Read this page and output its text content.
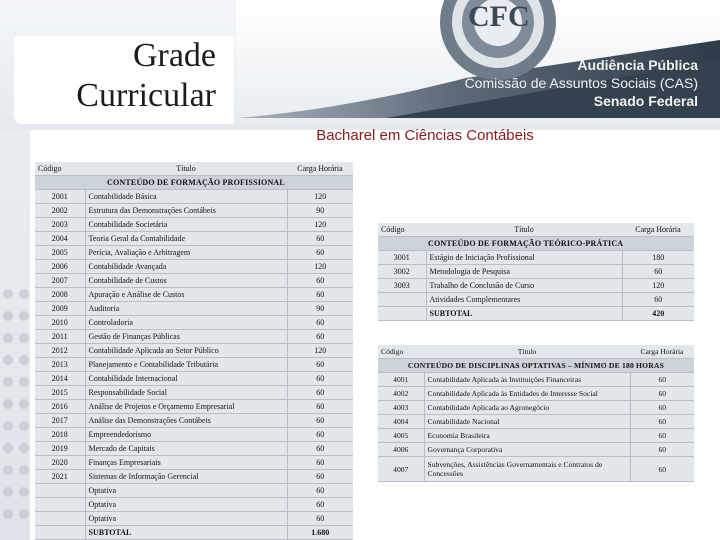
Grade
Curricular
CFC
Audiência Pública
Comissão de Assuntos Sociais (CAS)
Senado Federal
Bacharel em Ciências Contábeis
Código	Título	Carga Horária
	CONTEÚDO DE FORMAÇÃO PROFISSIONAL	
2001	Contabilidade Básica	120
2002	Estrutura das Demonstrações Contábeis	90
2003	Contabilidade Societária	120
2004	Teoria Geral da Contabilidade	60
2005	Perícia, Avaliação e Arbitragem	60
2006	Contabilidade Avançada	120
2007	Contabilidade de Custos	60
2008	Apuração e Análise de Custos	60
2009	Auditoria	90
2010	Controladoria	60
2011	Gestão de Finanças Públicas	60
2012	Contabilidade Aplicada ao Setor Público	120
2013	Planejamento e Contabilidade Tributária	60
2014	Contabilidade Internacional	60
2015	Responsabilidade Social	60
2016	Análise de Projetos e Orçamento Empresarial	60
2017	Análise das Demonstrações Contábeis	60
2018	Empreendedorismo	60
2019	Mercado de Capitais	60
2020	Finanças Empresariais	60
2021	Sistemas de Informação Gerencial	60
	Optativa	60
	Optativa	60
	Optativa	60
	SUBTOTAL	1.680
Código	Título	Carga Horária
	CONTEÚDO DE FORMAÇÃO TEÓRICO-PRÁTICA	
3001	Estágio de Iniciação Profissional	180
3002	Metodologia de Pesquisa	60
3003	Trabalho de Conclusão de Curso	120
	Atividades Complementares	60
	SUBTOTAL	420
Código	Título	Carga Horária
CONTEÚDO DE DISCIPLINAS OPTATIVAS – MÍNIMO DE 180 HORAS		
4001	Contabilidade Aplicada às Instituições Financeiras	60
4002	Contabilidade Aplicada às Entidades de Interesse Social	60
4003	Contabilidade Aplicada ao Agronegócio	60
4004	Contabilidade Nacional	60
4005	Economia Brasileira	60
4006	Governança Corporativa	60
4007	Subvenções, Assistências Governamentais e Contratos de Concessões	60
